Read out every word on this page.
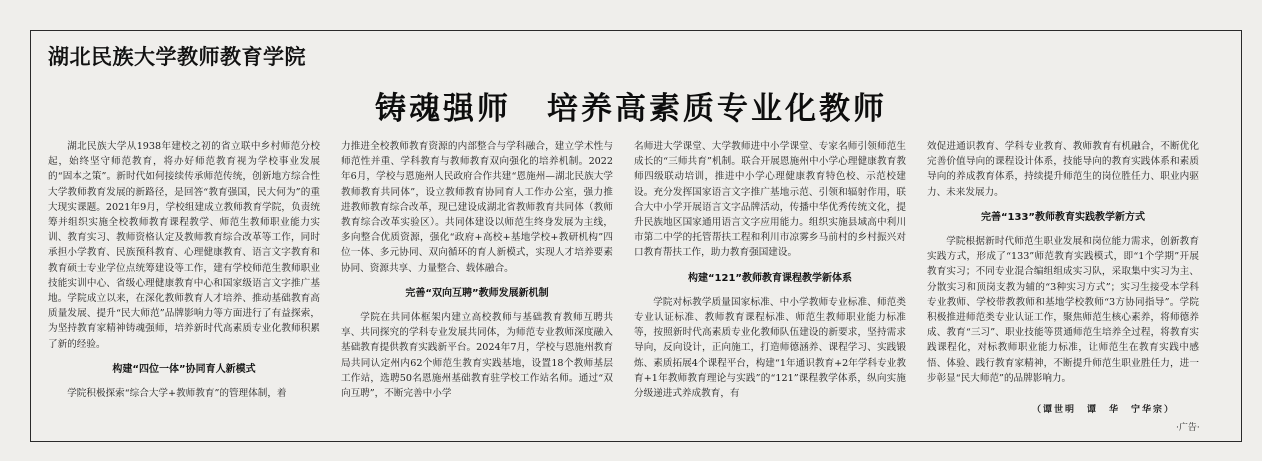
湖北民族大学教师教育学院
铸魂强师 培养高素质专业化教师

湖北民族大学从1938年建校之初的省立联中乡村师范分校起，始终坚守师范教育，将办好师范教育视为学校事业发展的“固本之策”。新时代如何接续传承师范传统，创新地方综合性大学教师教育发展的新路径，是回答“教育强国，民大何为”的重大现实课题。2021年9月，学校组建成立教师教育学院，负责统筹并组织实施全校教师教育课程教学、师范生教师职业能力实训、教育实习、教师资格认定及教师教育综合改革等工作，同时承担小学教育、民族预科教育、心理健康教育、语言文字教育和教育硕士专业学位点统筹建设等工作，建有学校师范生教师职业技能实训中心、省级心理健康教育中心和国家级语言文字推广基地。学院成立以来，在深化教师教育人才培养、推动基础教育高质量发展、提升“民大师范”品牌影响力等方面进行了有益探索，为坚持教育家精神铸魂强师，培养新时代高素质专业化教师积累了新的经验。

构建“四位一体”协同育人新模式

学院积极探索“综合大学+教师教育”的管理体制，着

力推进全校教师教育资源的内部整合与学科融合，建立学术性与师范性并重、学科教育与教师教育双向强化的培养机制。2022年6月，学校与恩施州人民政府合作共建“恩施州—湖北民族大学教师教育共同体”，设立教师教育协同育人工作办公室，强力推进教师教育综合改革，现已建设成湖北省教师教育共同体（教师教育综合改革实验区）。共同体建设以师范生终身发展为主线，多向整合优质资源，强化“政府+高校+基地学校+教研机构”四位一体、多元协同、双向循环的育人新模式，实现人才培养要素协同、资源共享、力量整合、载体融合。

完善“双向互聘”教师发展新机制

学院在共同体框架内建立高校教师与基础教育教师互聘共享、共同探究的学科专业发展共同体，为师范专业教师深度融入基础教育提供教育实践新平台。2024年7月，学校与恩施州教育局共同认定州内62个师范生教育实践基地，设置18个教师基层工作站，选聘50名恩施州基础教育驻学校工作站名师。通过“双向互聘”，不断完善中小学

名师进大学课堂、大学教师进中小学课堂、专家名师引领师范生成长的“三师共育”机制。联合开展恩施州中小学心理健康教育教师四级联动培训，推进中小学心理健康教育特色校、示范校建设。充分发挥国家语言文字推广基地示范、引领和辐射作用，联合大中小学开展语言文字品牌活动，传播中华优秀传统文化，提升民族地区国家通用语言文字应用能力。组织实施县域高中利川市第二中学的托管帮扶工程和利川市凉雾乡马前村的乡村振兴对口教育帮扶工作，助力教育强国建设。

构建“121”教师教育课程教学新体系

学院对标教学质量国家标准、中小学教师专业标准、师范类专业认证标准、教师教育课程标准、师范生教师职业能力标准等，按照新时代高素质专业化教师队伍建设的新要求，坚持需求导向，反向设计，正向施工，打造师德涵养、课程学习、实践锻炼、素质拓展4个课程平台，构建“1年通识教育+2年学科专业教育+1年教师教育理论与实践”的“121”课程教学体系，纵向实施分级递进式养成教育，有

效促进通识教育、学科专业教育、教师教育有机融合，不断优化完善价值导向的课程设计体系，技能导向的教育实践体系和素质导向的养成教育体系，持续提升师范生的岗位胜任力、职业内驱力、未来发展力。

完善“133”教师教育实践教学新方式

学院根据新时代师范生职业发展和岗位能力需求，创新教育实践方式，形成了“133”师范教育实践模式，即“1个学期”开展教育实习；不同专业混合编组组成实习队，采取集中实习为主、分散实习和顶岗支教为辅的“3种实习方式”；实习生接受本学科专业教师、学校带教教师和基地学校教师“3方协同指导”。学院积极推进师范类专业认证工作，聚焦师范生核心素养，将师德养成、教育“三习”、职业技能等贯通师范生培养全过程，将教育实践课程化，对标教师职业能力标准，让师范生在教育实践中感悟、体验、践行教育家精神，不断提升师范生职业胜任力，进一步彰显“民大师范”的品牌影响力。

（谭世明　谭　华　宁华宗）
·广告·
